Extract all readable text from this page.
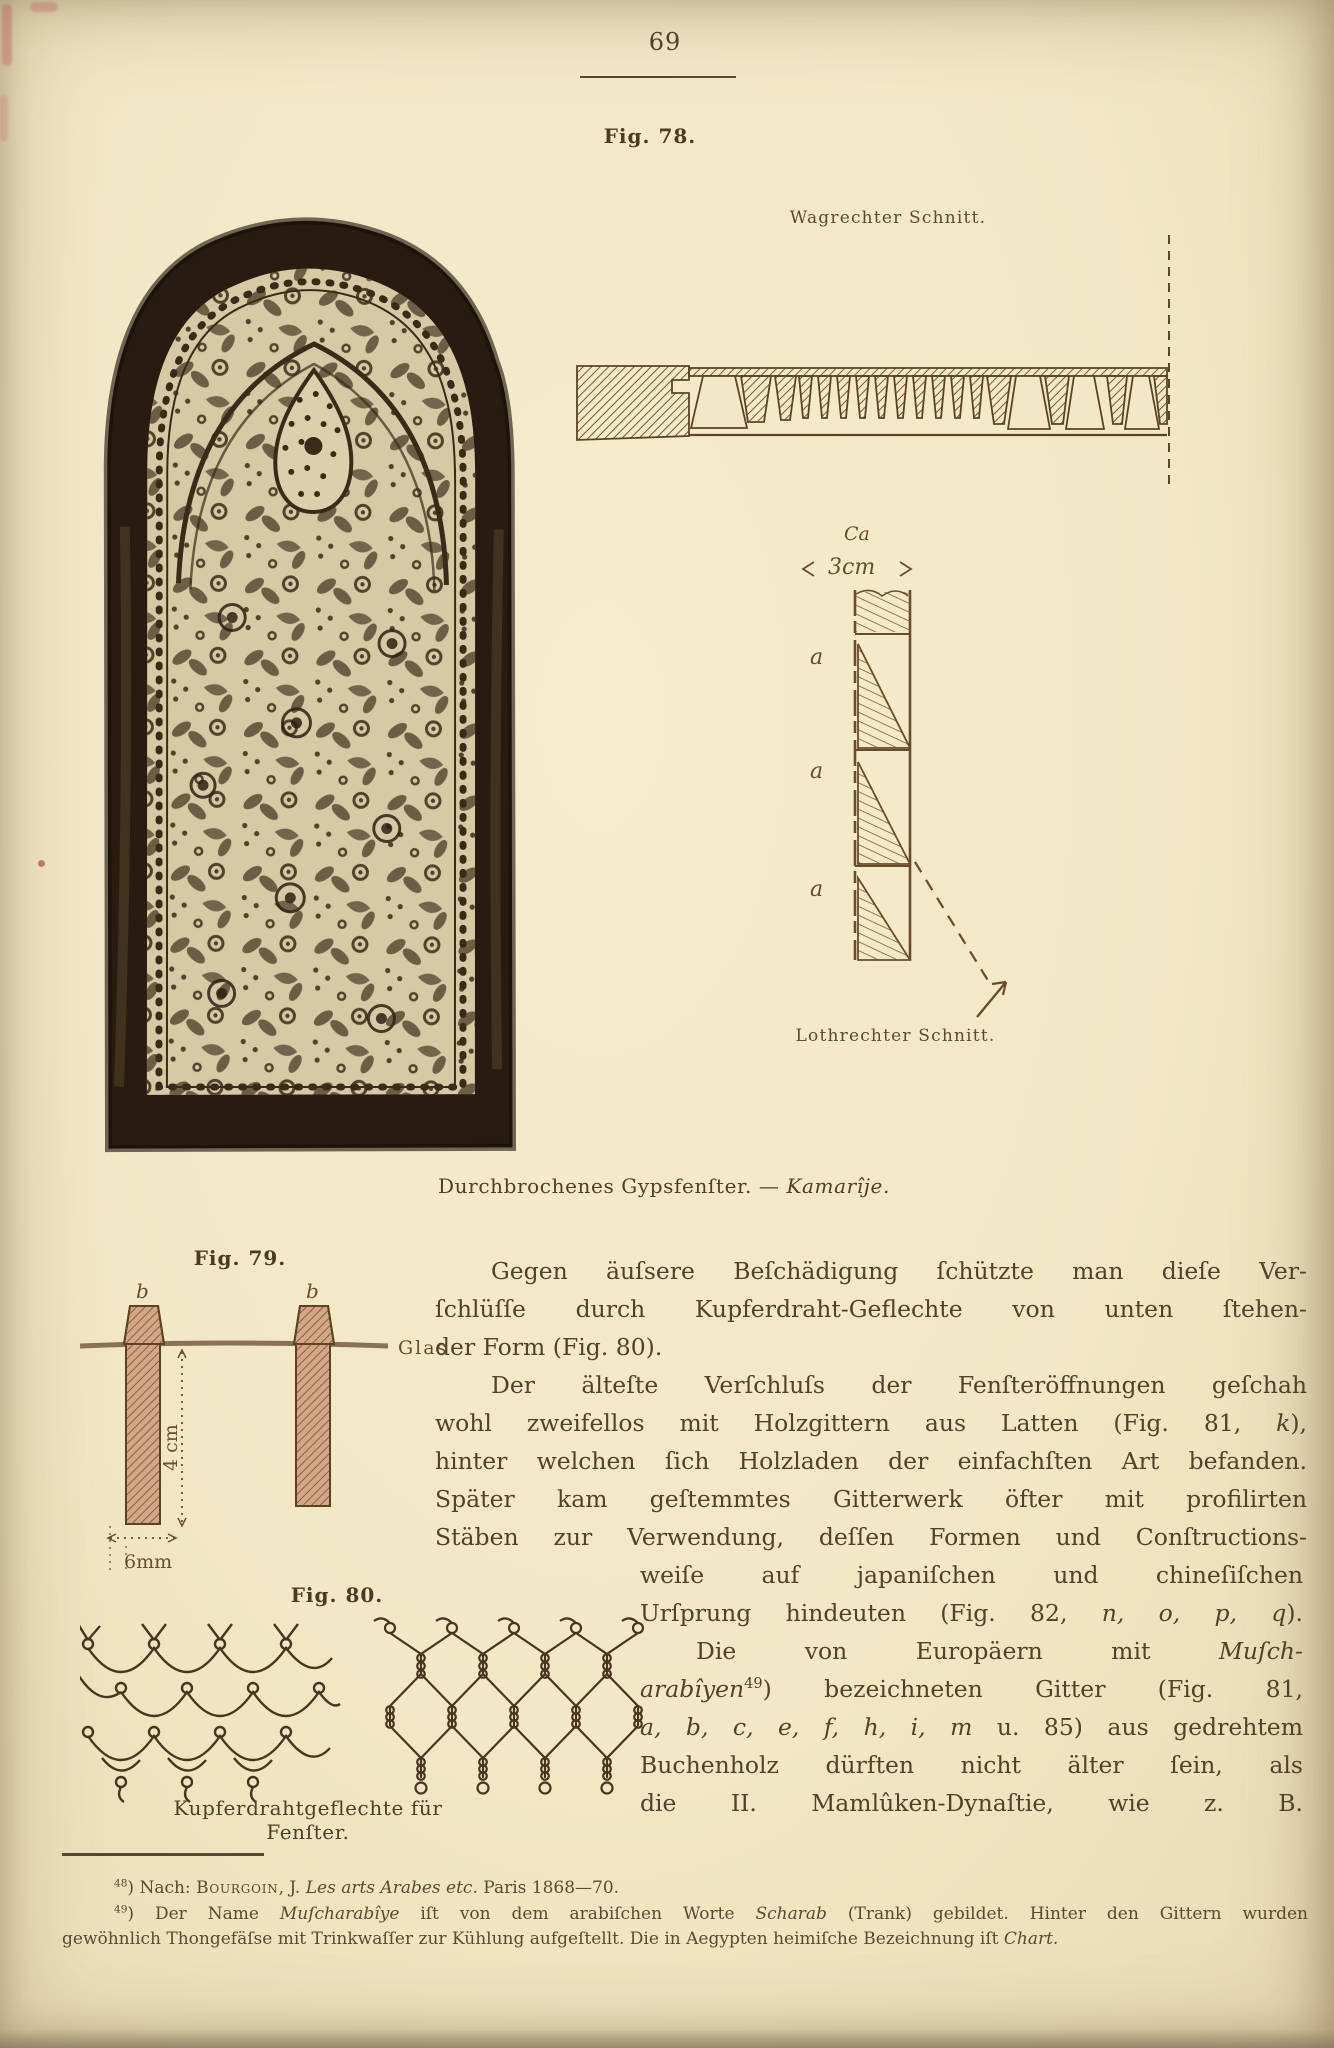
69
Fig. 78.
Wagrechter Schnitt.
Ca
3cm
a
a
a
Lothrechter Schnitt.
Durchbrochenes Gypsfenſter. — Kamarîje.
Fig. 79.
Glas
b	b
4 cm
6mm
Gegen äuſsere Beſchädigung ſchützte man dieſe Ver-
ſchlüſſe durch Kupferdraht-Geflechte von unten ſtehen-
der Form (Fig. 80).
Der älteſte Verſchluſs der Fenſteröffnungen geſchah
wohl zweifellos mit Holzgittern aus Latten (Fig. 81, k),
hinter welchen ſich Holzladen der einfachſten Art befanden.
Später kam geſtemmtes Gitterwerk öfter mit profilirten
Stäben zur Verwendung, deſſen Formen und Conſtructions-
weiſe auf japaniſchen und chineſiſchen
Urſprung hindeuten (Fig. 82, n, o, p, q).
Die von Europäern mit Muſch-
arabîyen$^{49}$) bezeichneten Gitter (Fig. 81,
a, b, c, e, f, h, i, m u. 85) aus gedrehtem
Buchenholz dürften nicht älter ſein, als
die II. Mamlûken-Dynaſtie, wie z. B.
Fig. 80.
Kupferdrahtgeflechte für Fenſter.
$^{48}$) Nach: Bourgoin, J. Les arts Arabes etc. Paris 1868—70.
$^{49}$) Der Name Muſcharabîye iſt von dem arabiſchen Worte Scharab (Trank) gebildet. Hinter den Gittern wurden
gewöhnlich Thongefäſse mit Trinkwaſſer zur Kühlung aufgeſtellt. Die in Aegypten heimiſche Bezeichnung iſt Chart.
